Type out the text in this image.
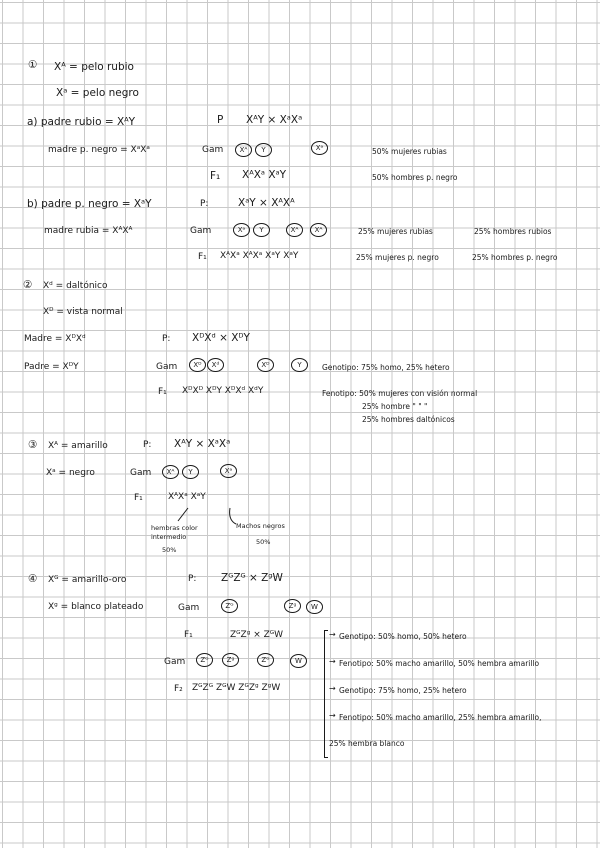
① Xᴬ = pelo rubio
Xᵃ = pelo negro
a) padre rubio = XᴬY	P XᴬY × XᵃXᵃ
madre p. negro = XᵃXᵃ	Gam	Xᴬ	Y	Xᵃ	50% mujeres rubias
F₁ XᴬXᵃ XᵃY	50% hombres p. negro
b) padre p. negro = XᵃY	P:	XᵃY × XᴬXᴬ
madre rubia = XᴬXᴬ	Gam	Xᵃ	Y	Xᴬ	Xᴬ	25% mujeres rubias	25% hombres rubios
F₁ XᴬXᵃ XᴬXᵃ XᵃY XᵃY	25% mujeres p. negro	25% hombres p. negro
② Xᵈ = daltónico
Xᴰ = vista normal
Madre = XᴰXᵈ	P: XᴰXᵈ × XᴰY
Padre = XᴰY	Gam	Xᴰ	Xᵈ	Xᴰ	Y	Genotipo: 75% homo, 25% hetero
F₁ XᴰXᴰ XᴰY XᴰXᵈ XᵈY	Fenotipo: 50% mujeres con visión normal
25% hombre " " "
25% hombres daltónicos
③ Xᴬ = amarillo	P: XᴬY × XᵃXᵃ
Xᵃ = negro	Gam	Xᴬ	Y	Xᵃ
F₁	XᴬXᵃ XᵃY
hembras color
intermedio
50%
Machos negros
50%
④ Xᴳ = amarillo-oro	P: ZᴳZᴳ × ZᵍW
Xᵍ = blanco plateado	Gam	Zᴳ	Zᵍ	W
F₁	ZᴳZᵍ × ZᴳW	→ Genotipo: 50% homo, 50% hetero
Gam	Zᴳ	Zᵍ	Zᴳ	W	→ Fenotipo: 50% macho amarillo, 50% hembra amarillo
F₂ ZᴳZᴳ ZᴳW ZᴳZᵍ ZᵍW	→ Genotipo: 75% homo, 25% hetero
→ Fenotipo: 50% macho amarillo, 25% hembra amarillo,
25% hembra blanco
